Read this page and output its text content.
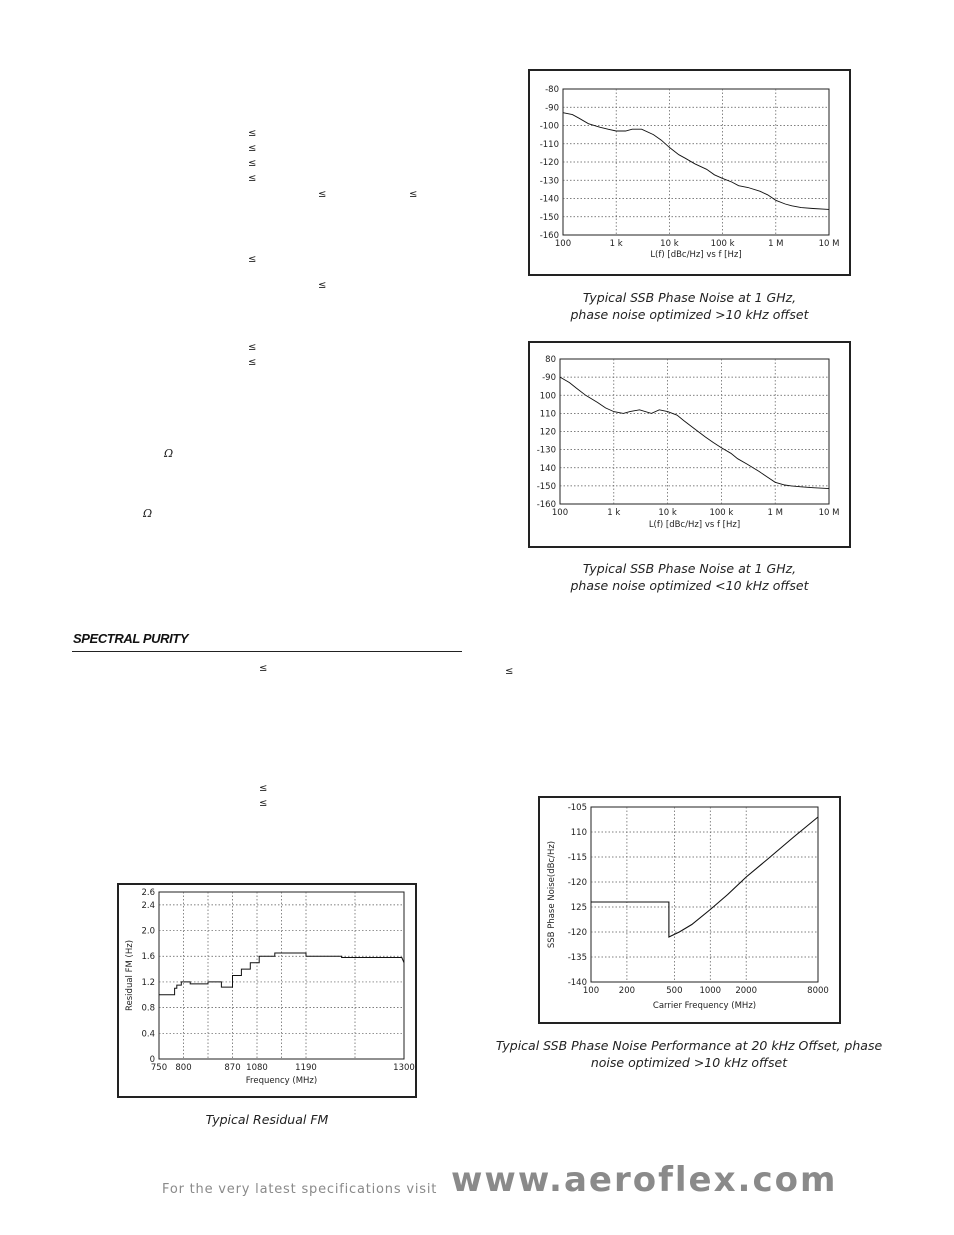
≤
≤
≤
≤
≤	≤
≤
≤
≤
≤
Ω
Ω
SPECTRAL PURITY
≤	≤
≤
≤
-80
-90
-100
-110
-120
-130
-140
-150
-160
100	1 k	10 k	100 k	1 M	10 M
L(f) [dBc/Hz] vs f [Hz]
Typical SSB Phase Noise at 1 GHz,
phase noise optimized >10 kHz offset
80
-90
100
110
120
-130
140
-150
-160
100	1 k	10 k	100 k	1 M	10 M
L(f) [dBc/Hz] vs f [Hz]
Typical SSB Phase Noise at 1 GHz,
phase noise optimized <10 kHz offset
0
0.4
0.8
1.2
1.6
2.0
2.4
2.6
750 800	870 1080	1190	1300
Frequency (MHz)
Residual FM (Hz)
Typical Residual FM
-105
110
-115
-120
125
-120
-135
-140
100 200	500 1000 2000	8000
Carrier Frequency (MHz)
SSB Phase Noise(dBc/Hz)
Typical SSB Phase Noise Performance at 20 kHz Offset, phase
noise optimized >10 kHz offset
For the very latest specifications visit www.aeroflex.com
